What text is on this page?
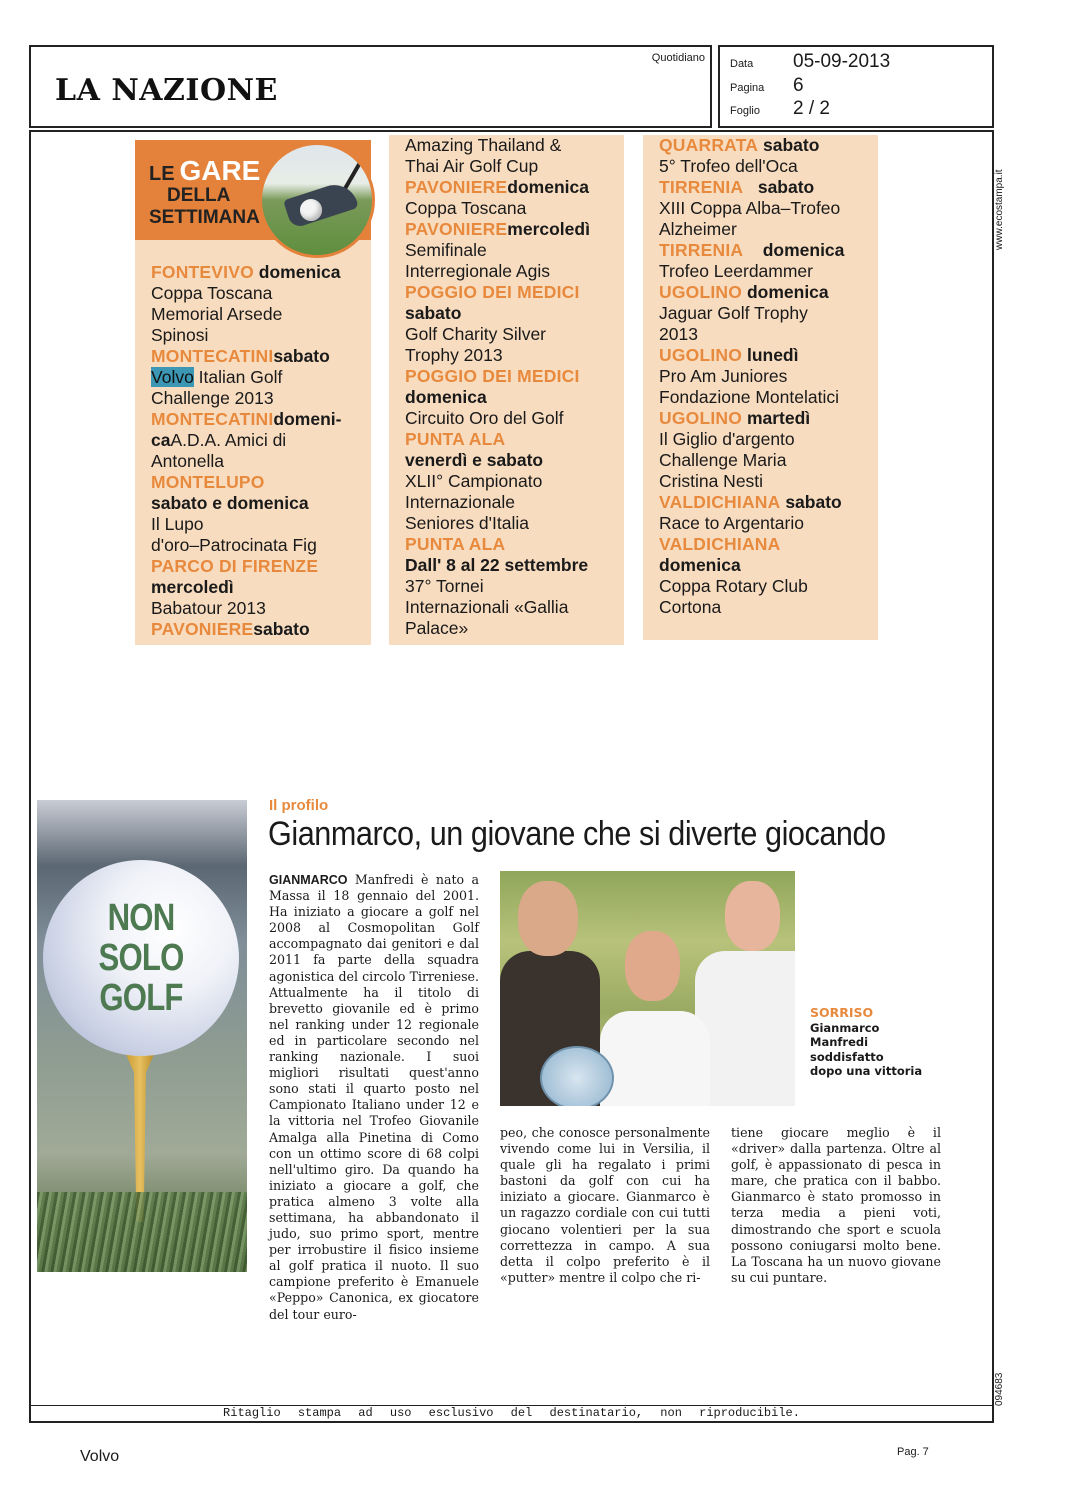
LA NAZIONE
Quotidiano Data	05-09-2013
Pagina	6
Foglio	2 / 2
www.ecostampa.it
094683
LE GARE
DELLA
SETTIMANA
FONTEVIVO domenica
Coppa Toscana
Memorial Arsede
Spinosi
MONTECATINIsabato
Volvo Italian Golf
Challenge 2013
MONTECATINIdomeni-
caA.D.A. Amici di
Antonella
MONTELUPO
sabato e domenica
Il Lupo
d'oro–Patrocinata Fig
PARCO DI FIRENZE
mercoledì
Babatour 2013
PAVONIEREsabato
Amazing Thailand &
Thai Air Golf Cup
PAVONIEREdomenica
Coppa Toscana
PAVONIEREmercoledì
Semifinale
Interregionale Agis
POGGIO DEI MEDICI
sabato
Golf Charity Silver
Trophy 2013
POGGIO DEI MEDICI
domenica
Circuito Oro del Golf
PUNTA ALA
venerdì e sabato
XLII° Campionato
Internazionale
Seniores d'Italia
PUNTA ALA
Dall' 8 al 22 settembre
37° Tornei
Internazionali «Gallia
Palace»
QUARRATA sabato
5° Trofeo dell'Oca
TIRRENIA sabato
XIII Coppa Alba–Trofeo
Alzheimer
TIRRENIA domenica
Trofeo Leerdammer
UGOLINO domenica
Jaguar Golf Trophy
2013
UGOLINO lunedì
Pro Am Juniores
Fondazione Montelatici
UGOLINO martedì
Il Giglio d'argento
Challenge Maria
Cristina Nesti
VALDICHIANA sabato
Race to Argentario
VALDICHIANA
domenica
Coppa Rotary Club
Cortona
NON
SOLO
GOLF
Il profilo
Gianmarco, un giovane che si diverte giocando
GIANMARCO Manfredi è nato a Massa il 18 gennaio del 2001. Ha iniziato a giocare a golf nel 2008 al Cosmopolitan Golf accompagnato dai genitori e dal 2011 fa parte della squadra agonistica del circolo Tirreniese. Attualmente ha il titolo di brevetto giovanile ed è primo nel ranking under 12 regionale ed in particolare secondo nel ranking nazionale. I suoi migliori risultati quest'anno sono stati il quarto posto nel Campionato Italiano under 12 e la vittoria nel Trofeo Giovanile Amalga alla Pinetina di Como con un ottimo score di 68 colpi nell'ultimo giro. Da quando ha iniziato a giocare a golf, che pratica almeno 3 volte alla settimana, ha abbandonato il judo, suo primo sport, mentre per irrobustire il fisico insieme al golf pratica il nuoto. Il suo campione preferito è Emanuele «Peppo» Canonica, ex giocatore del tour euro-
SORRISO
Gianmarco
Manfredi
soddisfatto
dopo una vittoria
peo, che conosce personalmente vivendo come lui in Versilia, il quale gli ha regalato i primi bastoni da golf con cui ha iniziato a giocare. Gianmarco è un ragazzo cordiale con cui tutti giocano volentieri per la sua correttezza in campo. A sua detta il colpo preferito è il «putter» mentre il colpo che ri-
tiene giocare meglio è il «driver» dalla partenza. Oltre al golf, è appassionato di pesca in mare, che pratica con il babbo. Gianmarco è stato promosso in terza media a pieni voti, dimostrando che sport e scuola possono coniugarsi molto bene. La Toscana ha un nuovo giovane su cui puntare.
Ritaglio stampa ad uso esclusivo del destinatario, non riproducibile.
Volvo	Pag. 7
